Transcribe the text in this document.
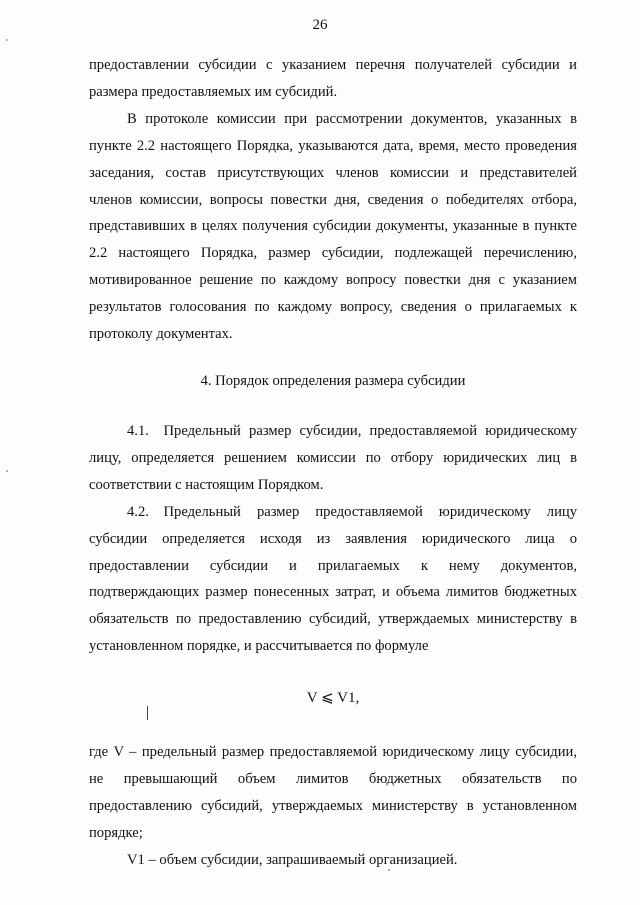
26

предоставлении субсидии с указанием перечня получателей субсидии и размера предоставляемых им субсидий.

В протоколе комиссии при рассмотрении документов, указанных в пункте 2.2 настоящего Порядка, указываются дата, время, место проведения заседания, состав присутствующих членов комиссии и представителей членов комиссии, вопросы повестки дня, сведения о победителях отбора, представивших в целях получения субсидии документы, указанные в пункте 2.2 настоящего Порядка, размер субсидии, подлежащей перечислению, мотивированное решение по каждому вопросу повестки дня с указанием результатов голосования по каждому вопросу, сведения о прилагаемых к протоколу документах.

4. Порядок определения размера субсидии

4.1. Предельный размер субсидии, предоставляемой юридическому лицу, определяется решением комиссии по отбору юридических лиц в соответствии с настоящим Порядком.

4.2. Предельный размер предоставляемой юридическому лицу субсидии определяется исходя из заявления юридического лица о предоставлении субсидии и прилагаемых к нему документов, подтверждающих размер понесенных затрат, и объема лимитов бюджетных обязательств по предоставлению субсидий, утверждаемых министерству в установленном порядке, и рассчитывается по формуле

V ⩽ V1,

где V – предельный размер предоставляемой юридическому лицу субсидии, не превышающий объем лимитов бюджетных обязательств по предоставлению субсидий, утверждаемых министерству в установленном порядке;

V1 – объем субсидии, запрашиваемый организацией.
